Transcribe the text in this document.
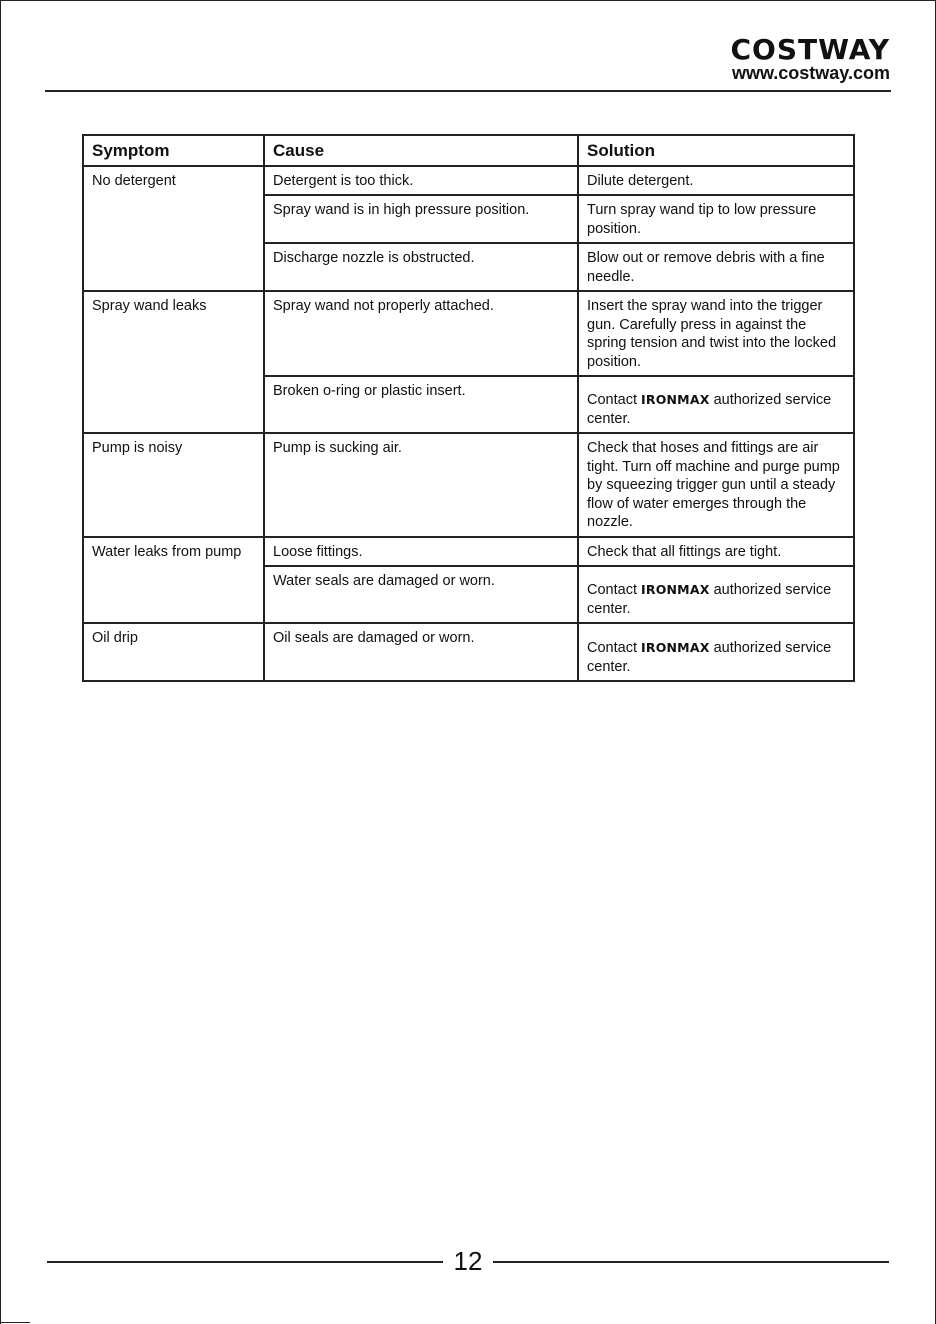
COSTWAY
www.costway.com
Symptom	Cause	Solution
No detergent	Detergent is too thick.	Dilute detergent.
	Spray wand is in high pressure position.	Turn spray wand tip to low pressure position.
	Discharge nozzle is obstructed.	Blow out or remove debris with a fine needle.
Spray wand leaks	Spray wand not properly attached.	Insert the spray wand into the trigger gun. Carefully press in against the spring tension and twist into the locked position.
	Broken o-ring or plastic insert.	Contact IRONMAX authorized service center.
Pump is noisy	Pump is sucking air.	Check that hoses and fittings are air tight. Turn off machine and purge pump by squeezing trigger gun until a steady flow of water emerges through the nozzle.
Water leaks from pump	Loose fittings.	Check that all fittings are tight.
	Water seals are damaged or worn.	Contact IRONMAX authorized service center.
Oil drip	Oil seals are damaged or worn.	Contact IRONMAX authorized service center.
12
